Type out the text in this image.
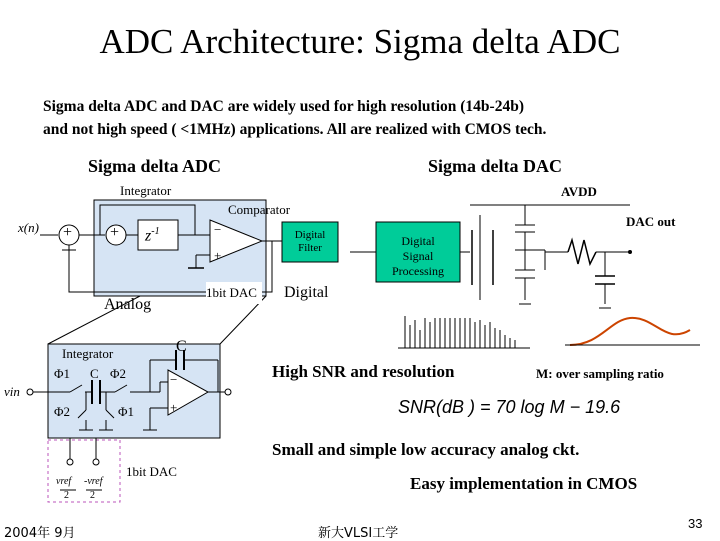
ADC Architecture: Sigma delta ADC
Sigma delta ADC and DAC are widely used for high resolution (14b-24b)
and not high speed ( <1MHz) applications. All are realized with CMOS tech.
Sigma delta ADC	Sigma delta DAC
Integrator
Comparator
x(n) + + $z^{-1}$	−
+
Digital
Filter
1bit DAC
Analog
Digital
AVDD
DAC out
Digital
Signal
Processing
Integrator	C
Φ1 C Φ2
Φ2	Φ1
vin
−
+
1bit DAC
vref -vref
2 2
High SNR and resolution	M: over sampling ratio
SNR(dB ) = 70 log M − 19.6
Small and simple low accuracy analog ckt.
Easy implementation in CMOS
2004年 9月	新大VLSI工学
33
